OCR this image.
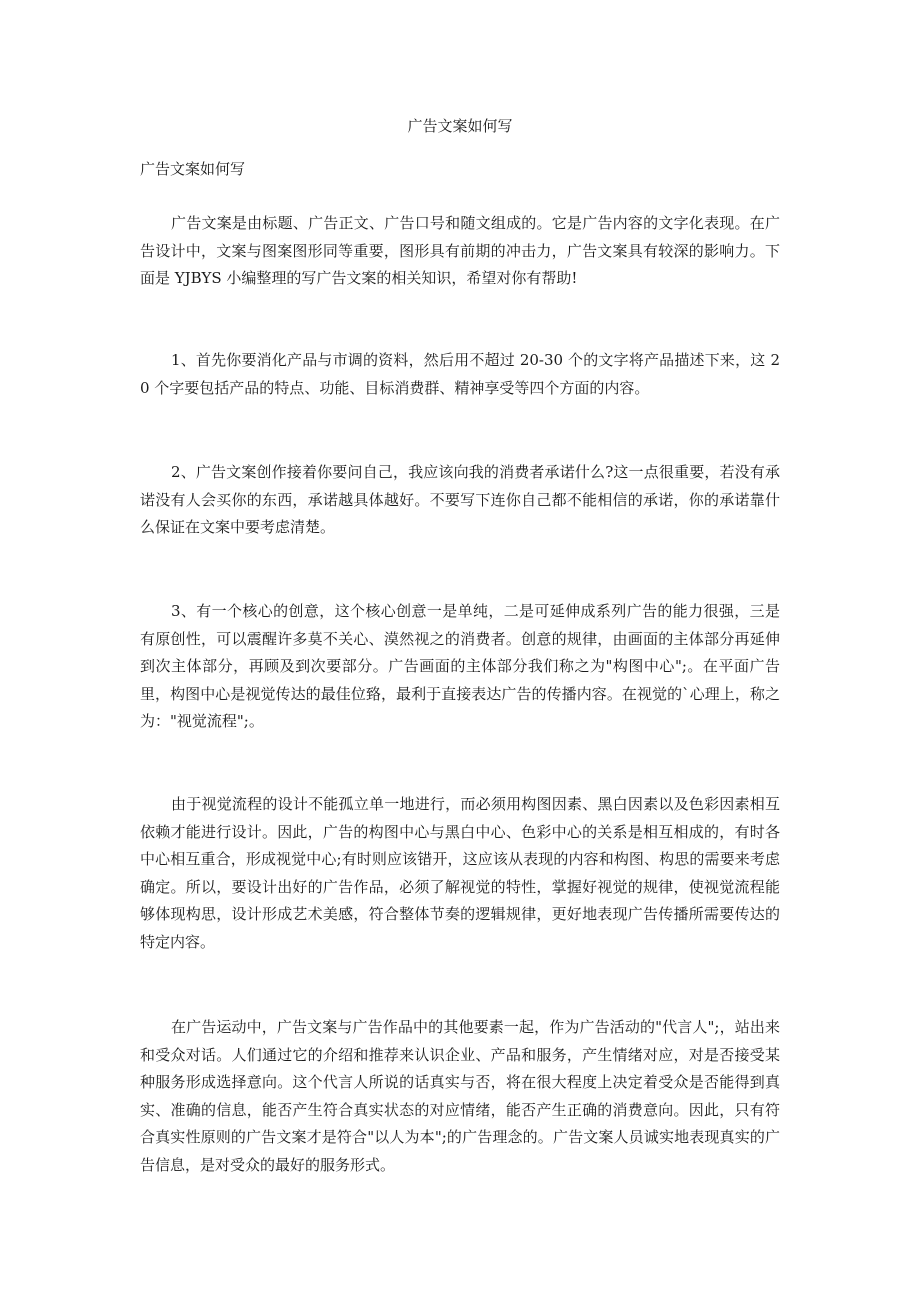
广告文案如何写

广告文案如何写

广告文案是由标题、广告正文、广告口号和随文组成的。它是广告内容的文字化表现。在广告设计中，文案与图案图形同等重要，图形具有前期的冲击力，广告文案具有较深的影响力。下面是 YJBYS 小编整理的写广告文案的相关知识，希望对你有帮助!

1、首先你要消化产品与市调的资料，然后用不超过 20-30 个的文字将产品描述下来，这 20 个字要包括产品的特点、功能、目标消费群、精神享受等四个方面的内容。

2、广告文案创作接着你要问自己，我应该向我的消费者承诺什么?这一点很重要，若没有承诺没有人会买你的东西，承诺越具体越好。不要写下连你自己都不能相信的承诺，你的承诺靠什么保证在文案中要考虑清楚。

3、有一个核心的创意，这个核心创意一是单纯，二是可延伸成系列广告的能力很强，三是有原创性，可以震醒许多莫不关心、漠然视之的消费者。创意的规律，由画面的主体部分再延伸到次主体部分，再顾及到次要部分。广告画面的主体部分我们称之为"构图中心";。在平面广告里，构图中心是视觉传达的最佳位臵，最利于直接表达广告的传播内容。在视觉的`心理上，称之为："视觉流程";。

由于视觉流程的设计不能孤立单一地进行，而必须用构图因素、黑白因素以及色彩因素相互依赖才能进行设计。因此，广告的构图中心与黑白中心、色彩中心的关系是相互相成的，有时各中心相互重合，形成视觉中心;有时则应该错开，这应该从表现的内容和构图、构思的需要来考虑确定。所以，要设计出好的广告作品，必须了解视觉的特性，掌握好视觉的规律，使视觉流程能够体现构思，设计形成艺术美感，符合整体节奏的逻辑规律，更好地表现广告传播所需要传达的特定内容。

在广告运动中，广告文案与广告作品中的其他要素一起，作为广告活动的"代言人";，站出来和受众对话。人们通过它的介绍和推荐来认识企业、产品和服务，产生情绪对应，对是否接受某种服务形成选择意向。这个代言人所说的话真实与否，将在很大程度上决定着受众是否能得到真实、准确的信息，能否产生符合真实状态的对应情绪，能否产生正确的消费意向。因此，只有符合真实性原则的广告文案才是符合"以人为本";的广告理念的。广告文案人员诚实地表现真实的广告信息，是对受众的最好的服务形式。
